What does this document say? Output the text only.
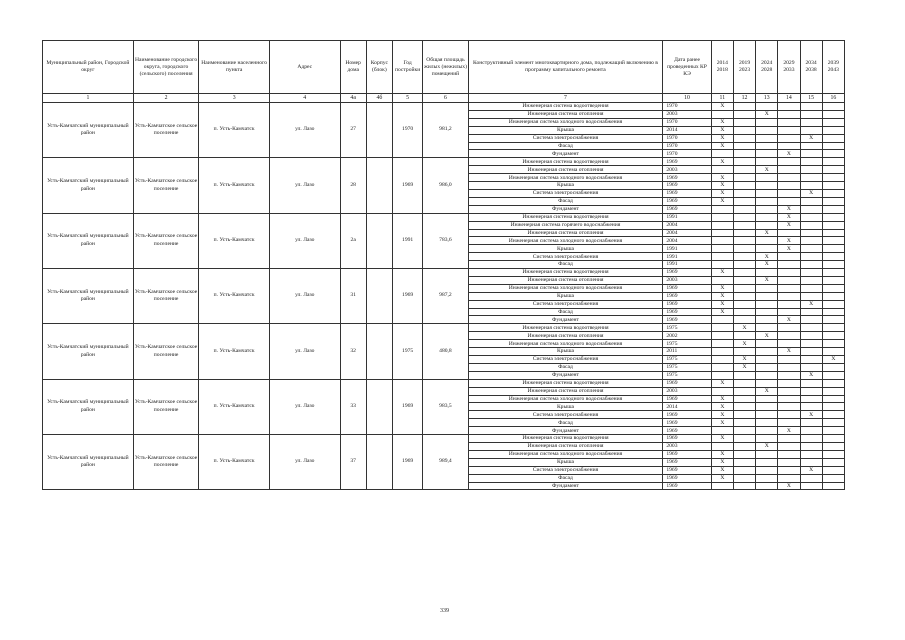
Муниципальный район, Городской округ	Наименование городского округа, городского (сельского) поселения	Наименование населенного пункта	Адрес	Номер дома	Корпус (блок)	Год постройки	Общая площадь жилых (нежилых) помещений	Конструктивный элемент многоквартирного дома, подлежащий включению в программу капитального ремонта	Дата ранее проведенных КР КЭ	2014 2018	2019 2023	2024 2028	2029 2033	2034 2038	2039 2043
1	2	3	4	4а	4б	5	6	7	10	11	12	13	14	15	16
Усть-Камчатский муниципальный район	Усть-Камчатское сельское поселение	п. Усть-Камчатск	ул. Лазо	27		1970	981,2	Инженерная система водоотведения	1970	X					
								Инженерная система отопления	2003			X			
								Инженерная система холодного водоснабжения	1970	X					
								Крыша	2014	X					
								Система электроснабжения	1970	X				X	
								Фасад	1970	X					
								Фундамент	1970				X		
Усть-Камчатский муниципальный район	Усть-Камчатское сельское поселение	п. Усть-Камчатск	ул. Лазо	28		1969	986,0	Инженерная система водоотведения	1969	X					
								Инженерная система отопления	2003			X			
								Инженерная система холодного водоснабжения	1969	X					
								Крыша	1969	X					
								Система электроснабжения	1969	X				X	
								Фасад	1969	X					
								Фундамент	1969				X		
Усть-Камчатский муниципальный район	Усть-Камчатское сельское поселение	п. Усть-Камчатск	ул. Лазо	2а		1991	783,6	Инженерная система водоотведения	1991				X		
								Инженерная система горячего водоснабжения	2004				X		
								Инженерная система отопления	2004			X			
								Инженерная система холодного водоснабжения	2004				X		
								Крыша	1991				X		
								Система электроснабжения	1991			X			
								Фасад	1991			X			
Усть-Камчатский муниципальный район	Усть-Камчатское сельское поселение	п. Усть-Камчатск	ул. Лазо	31		1969	987,2	Инженерная система водоотведения	1969	X					
								Инженерная система отопления	2003			X			
								Инженерная система холодного водоснабжения	1969	X					
								Крыша	1969	X					
								Система электроснабжения	1969	X				X	
								Фасад	1969	X					
								Фундамент	1969				X		
Усть-Камчатский муниципальный район	Усть-Камчатское сельское поселение	п. Усть-Камчатск	ул. Лазо	32		1975	480,8	Инженерная система водоотведения	1975		X				
								Инженерная система отопления	2002			X			
								Инженерная система холодного водоснабжения	1975		X				
								Крыша	2011				X		
								Система электроснабжения	1975		X				X
								Фасад	1975		X				
								Фундамент	1975					X	
Усть-Камчатский муниципальный район	Усть-Камчатское сельское поселение	п. Усть-Камчатск	ул. Лазо	33		1969	983,5	Инженерная система водоотведения	1969	X					
								Инженерная система отопления	2003			X			
								Инженерная система холодного водоснабжения	1969	X					
								Крыша	2014	X					
								Система электроснабжения	1969	X				X	
								Фасад	1969	X					
								Фундамент	1969				X		
Усть-Камчатский муниципальный район	Усть-Камчатское сельское поселение	п. Усть-Камчатск	ул. Лазо	37		1969	989,4	Инженерная система водоотведения	1969	X					
								Инженерная система отопления	2003			X			
								Инженерная система холодного водоснабжения	1969	X					
								Крыша	1969	X					
								Система электроснабжения	1969	X				X	
								Фасад	1969	X					
								Фундамент	1969				X		
339
